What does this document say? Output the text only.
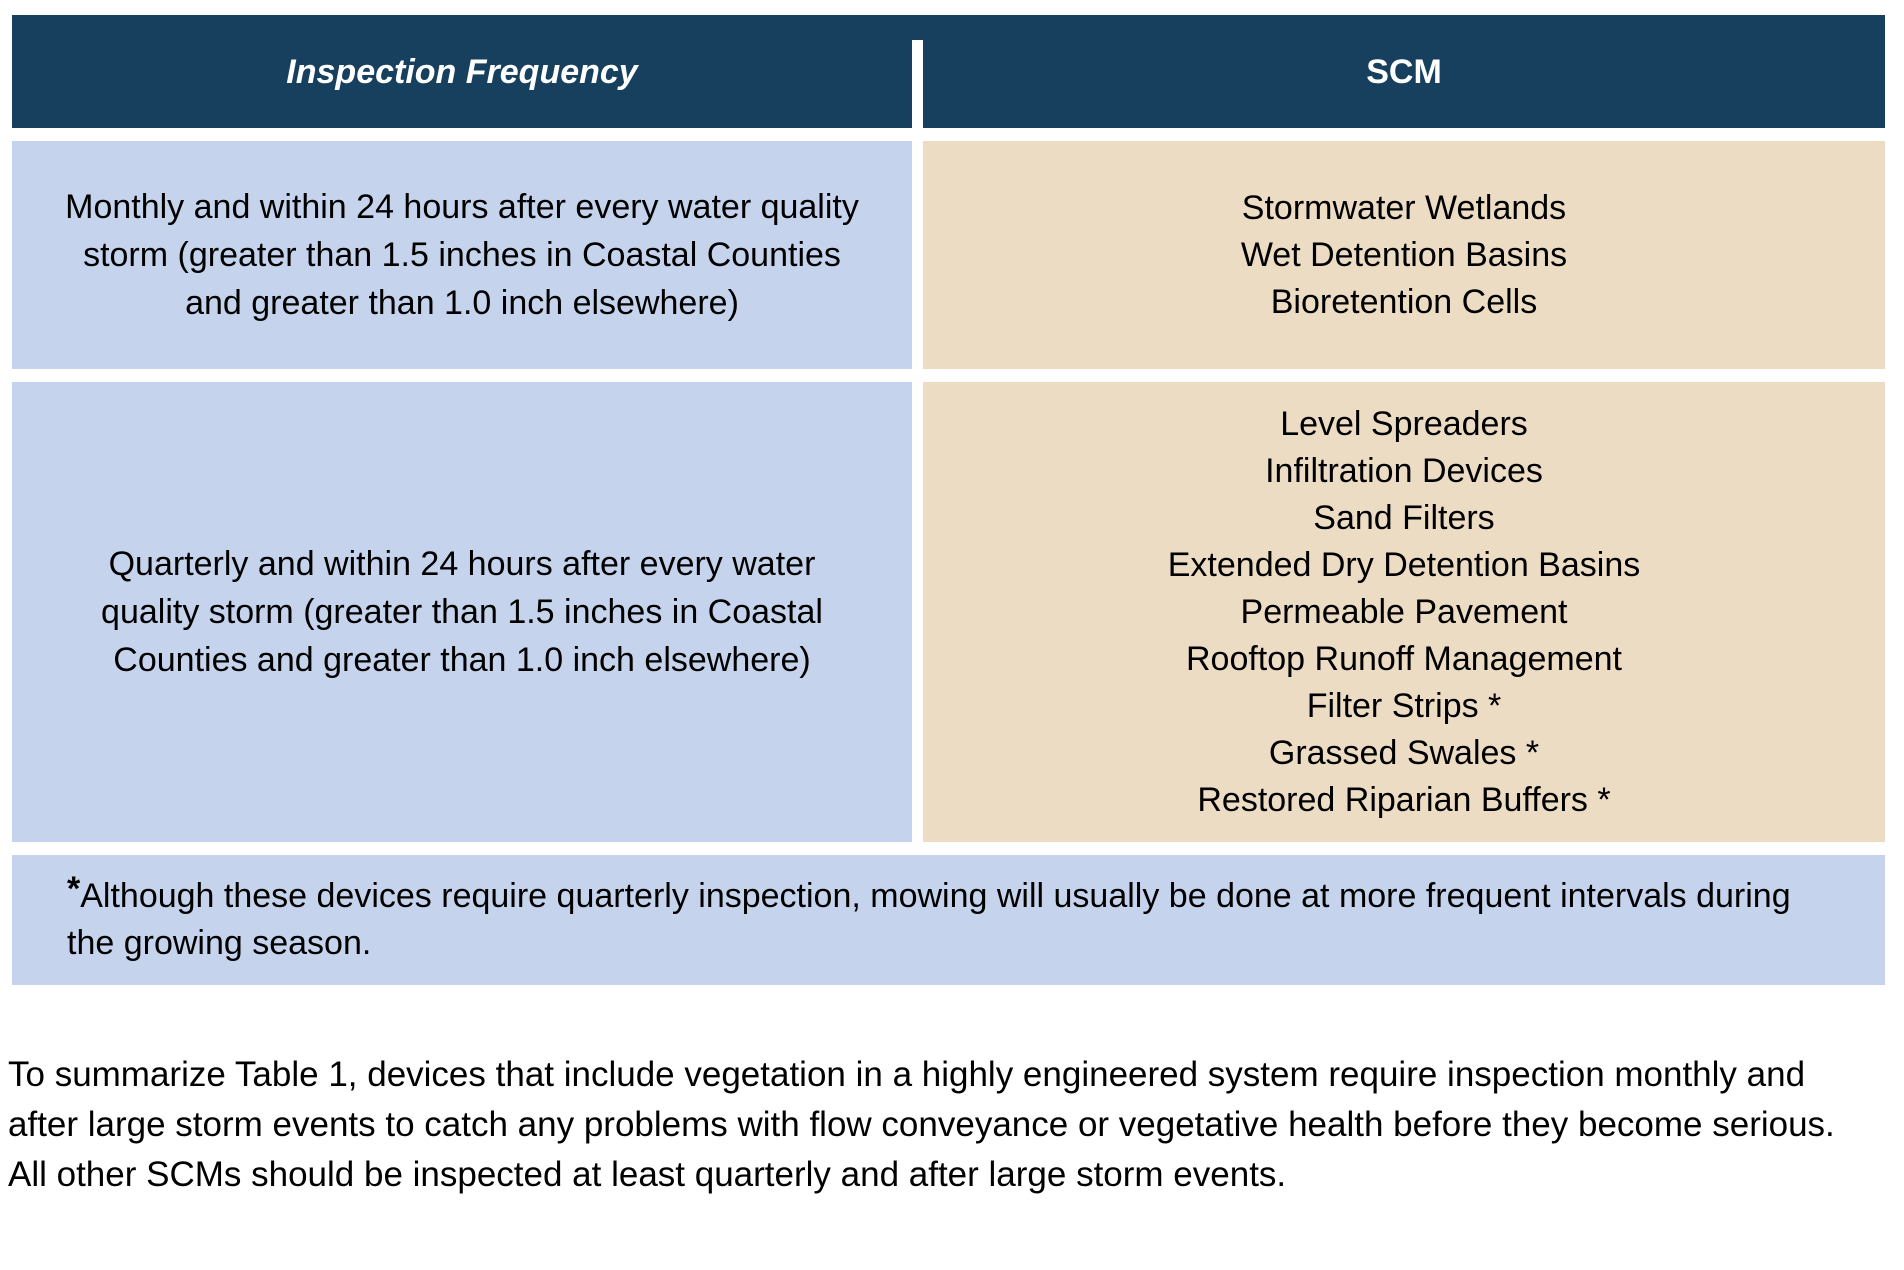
Inspection Frequency	SCM
Monthly and within 24 hours after every water quality storm (greater than 1.5 inches in Coastal Counties and greater than 1.0 inch elsewhere)
Stormwater Wetlands
Wet Detention Basins
Bioretention Cells
Quarterly and within 24 hours after every water quality storm (greater than 1.5 inches in Coastal Counties and greater than 1.0 inch elsewhere)
Level Spreaders
Infiltration Devices
Sand Filters
Extended Dry Detention Basins
Permeable Pavement
Rooftop Runoff Management
Filter Strips *
Grassed Swales *
Restored Riparian Buffers *
*Although these devices require quarterly inspection, mowing will usually be done at more frequent intervals during the growing season.

To summarize Table 1, devices that include vegetation in a highly engineered system require inspection monthly and after large storm events to catch any problems with flow conveyance or vegetative health before they become serious. All other SCMs should be inspected at least quarterly and after large storm events.
